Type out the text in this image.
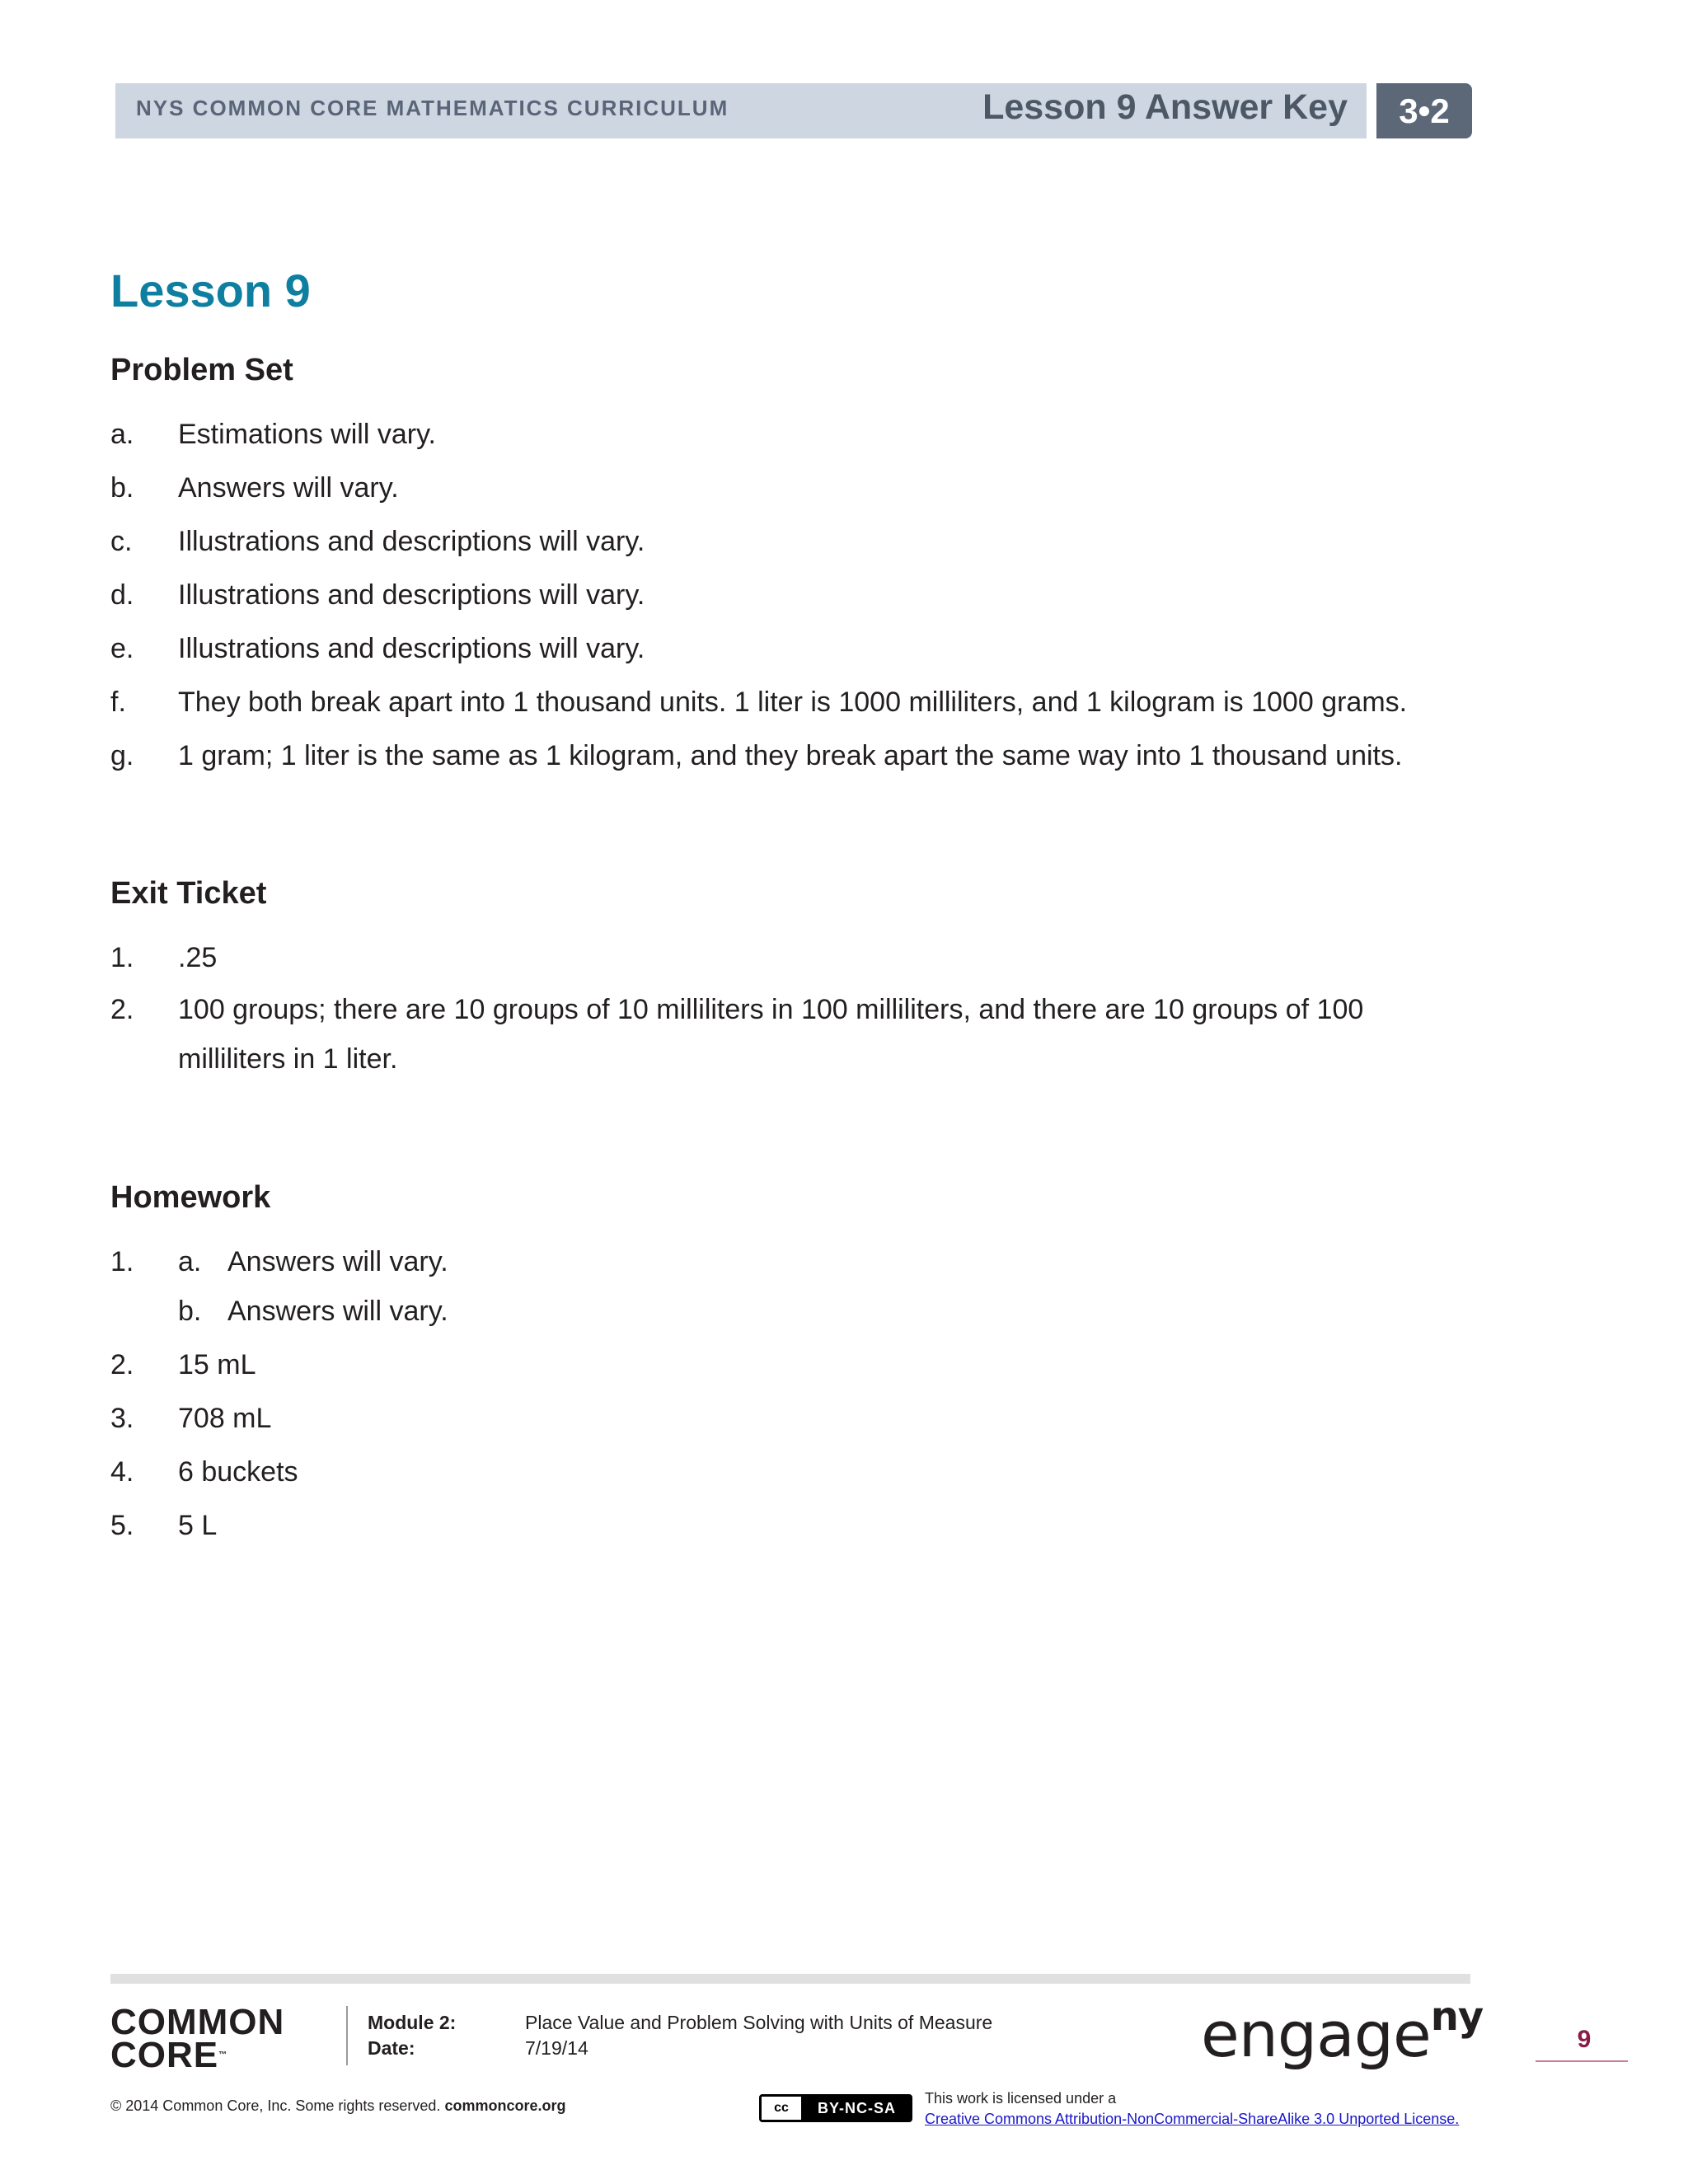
NYS COMMON CORE MATHEMATICS CURRICULUM	Lesson 9 Answer Key	3•2
Lesson 9
Problem Set
a.	Estimations will vary.
b.	Answers will vary.
c.	Illustrations and descriptions will vary.
d.	Illustrations and descriptions will vary.
e.	Illustrations and descriptions will vary.
f.	They both break apart into 1 thousand units. 1 liter is 1000 milliliters, and 1 kilogram is 1000 grams.
g.	1 gram; 1 liter is the same as 1 kilogram, and they break apart the same way into 1 thousand units.
Exit Ticket
1.	.25
2.	100 groups; there are 10 groups of 10 milliliters in 100 milliliters, and there are 10 groups of 100 milliliters in 1 liter.
Homework
1.	a. Answers will vary.
b. Answers will vary.
2.	15 mL
3.	708 mL
4.	6 buckets
5.	5 L
COMMON
CORE™
Module 2:	Place Value and Problem Solving with Units of Measure
Date:	7/19/14	engage$^{ny}$	9
© 2014 Common Core, Inc. Some rights reserved. commoncore.org	cc	BY-NC-SA
This work is licensed under a
Creative Commons Attribution-NonCommercial-ShareAlike 3.0 Unported License.
